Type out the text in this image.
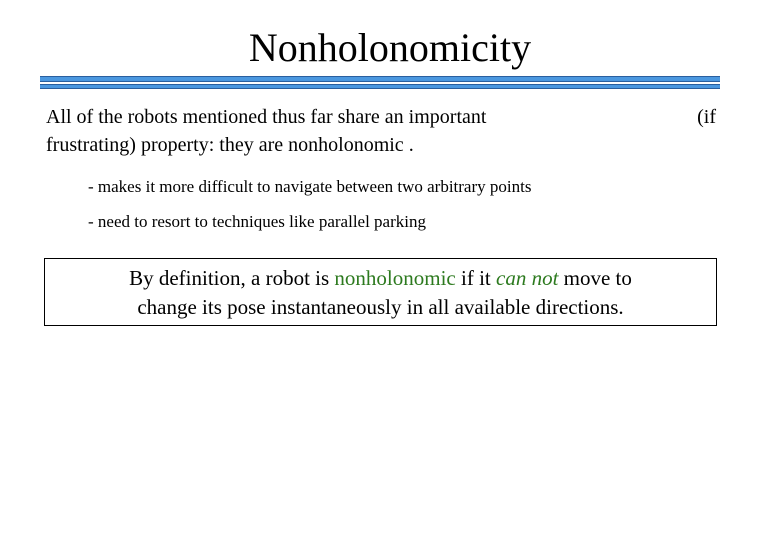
Nonholonomicity
All of the robots mentioned thus far share an important	(if
frustrating) property: they are nonholonomic .
- makes it more difficult to navigate between two arbitrary points
- need to resort to techniques like parallel parking
By definition, a robot is nonholonomic if it can not move to
change its pose instantaneously in all available directions.
